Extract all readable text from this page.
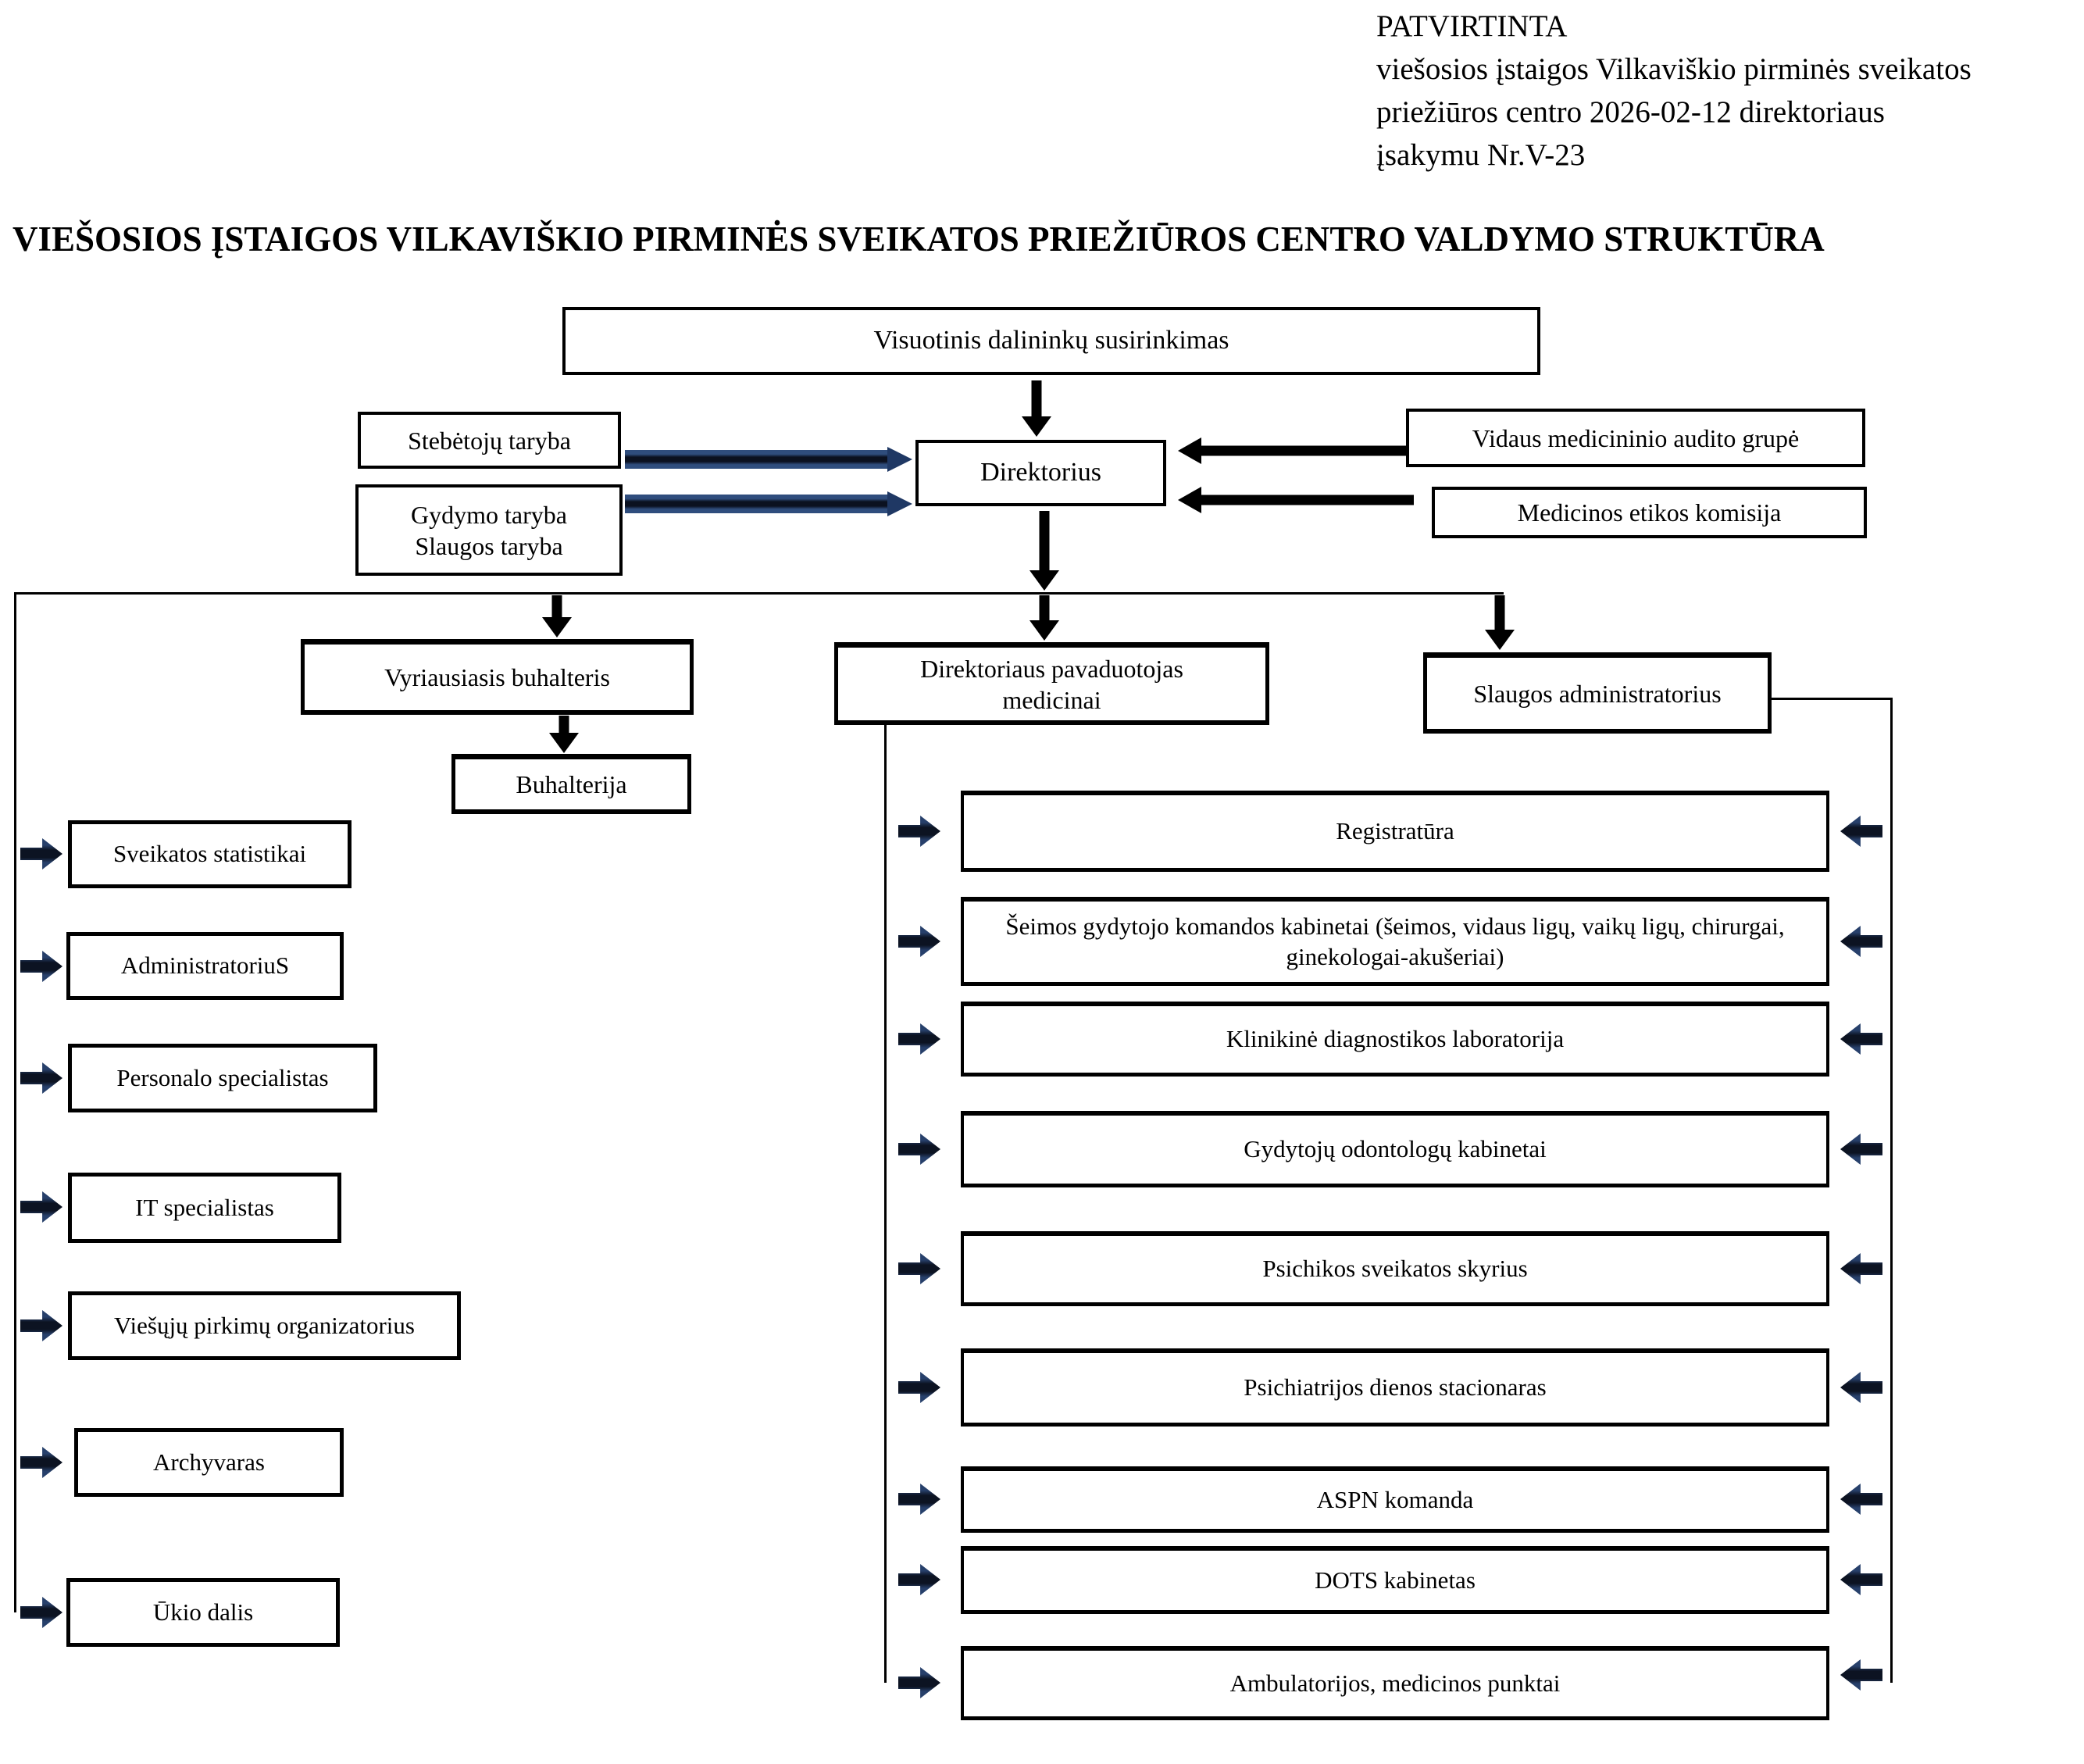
PATVIRTINTA
viešosios įstaigos Vilkaviškio pirminės sveikatos
priežiūros centro 2026-02-12 direktoriaus
įsakymu Nr.V-23
VIEŠOSIOS ĮSTAIGOS VILKAVIŠKIO PIRMINĖS SVEIKATOS PRIEŽIŪROS CENTRO VALDYMO STRUKTŪRA
Visuotinis dalininkų susirinkimas
Stebėtojų taryba
Gydymo taryba
Slaugos taryba
Direktorius
Vidaus medicininio audito grupė
Medicinos etikos komisija
Vyriausiasis buhalteris	Direktoriaus pavaduotojas medicinai	Slaugos administratorius
Buhalterija
Sveikatos statistikai
AdministratoriuS
Personalo specialistas
IT specialistas
Viešųjų pirkimų organizatorius
Archyvaras
Ūkio dalis
Registratūra
Šeimos gydytojo komandos kabinetai (šeimos, vidaus ligų, vaikų ligų, chirurgai, ginekologai-akušeriai)
Klinikinė diagnostikos laboratorija
Gydytojų odontologų kabinetai
Psichikos sveikatos skyrius
Psichiatrijos dienos stacionaras
ASPN komanda
DOTS kabinetas
Ambulatorijos, medicinos punktai
